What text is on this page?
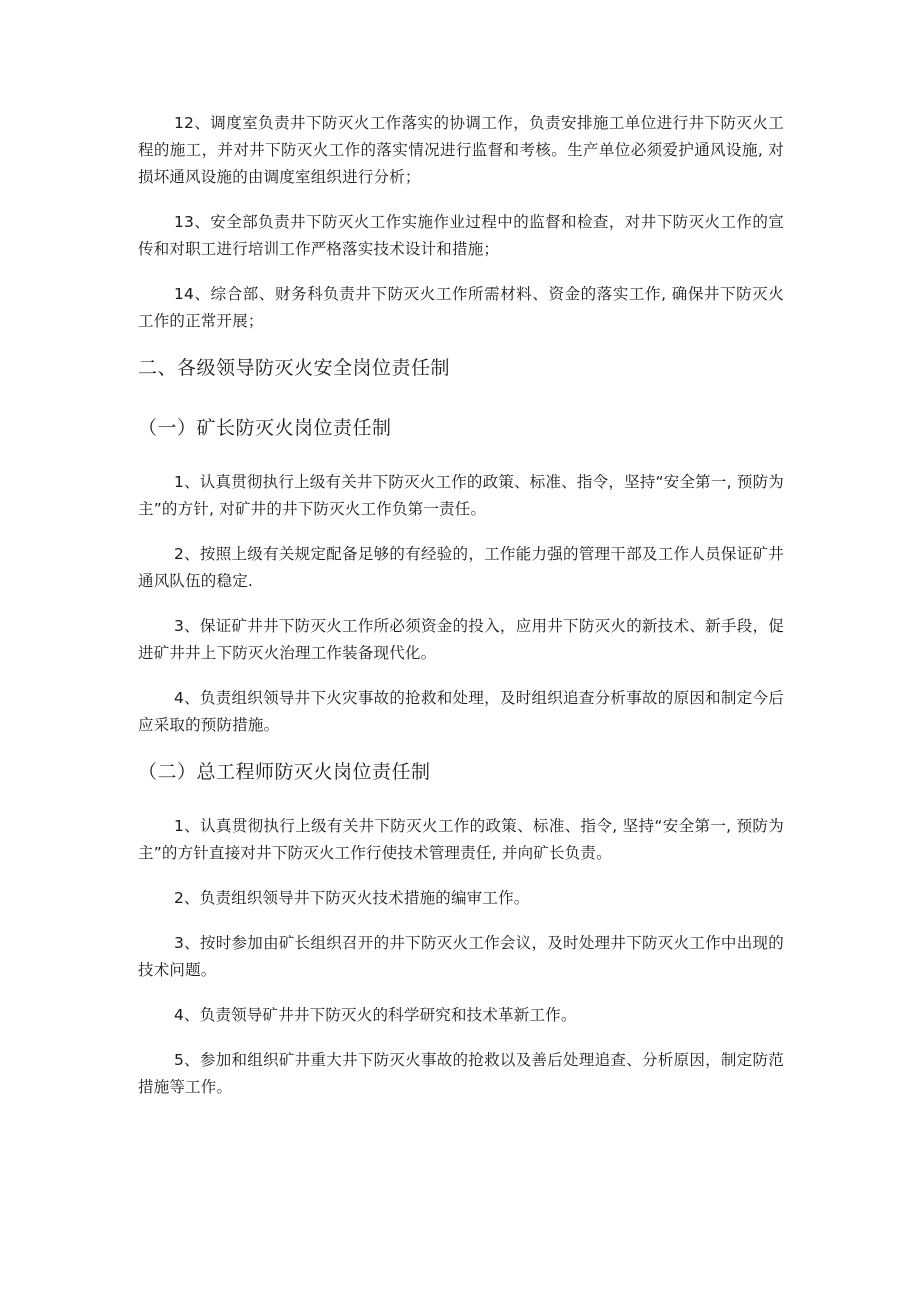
12、调度室负责井下防灭火工作落实的协调工作，负责安排施工单位进行井下防灭火工程的施工，并对井下防灭火工作的落实情况进行监督和考核。生产单位必须爱护通风设施, 对损坏通风设施的由调度室组织进行分析；

13、安全部负责井下防灭火工作实施作业过程中的监督和检查，对井下防灭火工作的宣传和对职工进行培训工作严格落实技术设计和措施；

14、综合部、财务科负责井下防灭火工作所需材料、资金的落实工作, 确保井下防灭火工作的正常开展；

二、各级领导防灭火安全岗位责任制
（一）矿长防灭火岗位责任制

1、认真贯彻执行上级有关井下防灭火工作的政策、标准、指令，坚持“安全第一, 预防为主”的方针, 对矿井的井下防灭火工作负第一责任。

2、按照上级有关规定配备足够的有经验的，工作能力强的管理干部及工作人员保证矿井通风队伍的稳定.

3、保证矿井井下防灭火工作所必须资金的投入，应用井下防灭火的新技术、新手段，促进矿井井上下防灭火治理工作装备现代化。

4、负责组织领导井下火灾事故的抢救和处理，及时组织追查分析事故的原因和制定今后应采取的预防措施。

（二）总工程师防灭火岗位责任制

1、认真贯彻执行上级有关井下防灭火工作的政策、标准、指令, 坚持“安全第一, 预防为主”的方针直接对井下防灭火工作行使技术管理责任, 并向矿长负责。

2、负责组织领导井下防灭火技术措施的编审工作。

3、按时参加由矿长组织召开的井下防灭火工作会议，及时处理井下防灭火工作中出现的技术问题。

4、负责领导矿井井下防灭火的科学研究和技术革新工作。

5、参加和组织矿井重大井下防灭火事故的抢救以及善后处理追查、分析原因，制定防范措施等工作。
